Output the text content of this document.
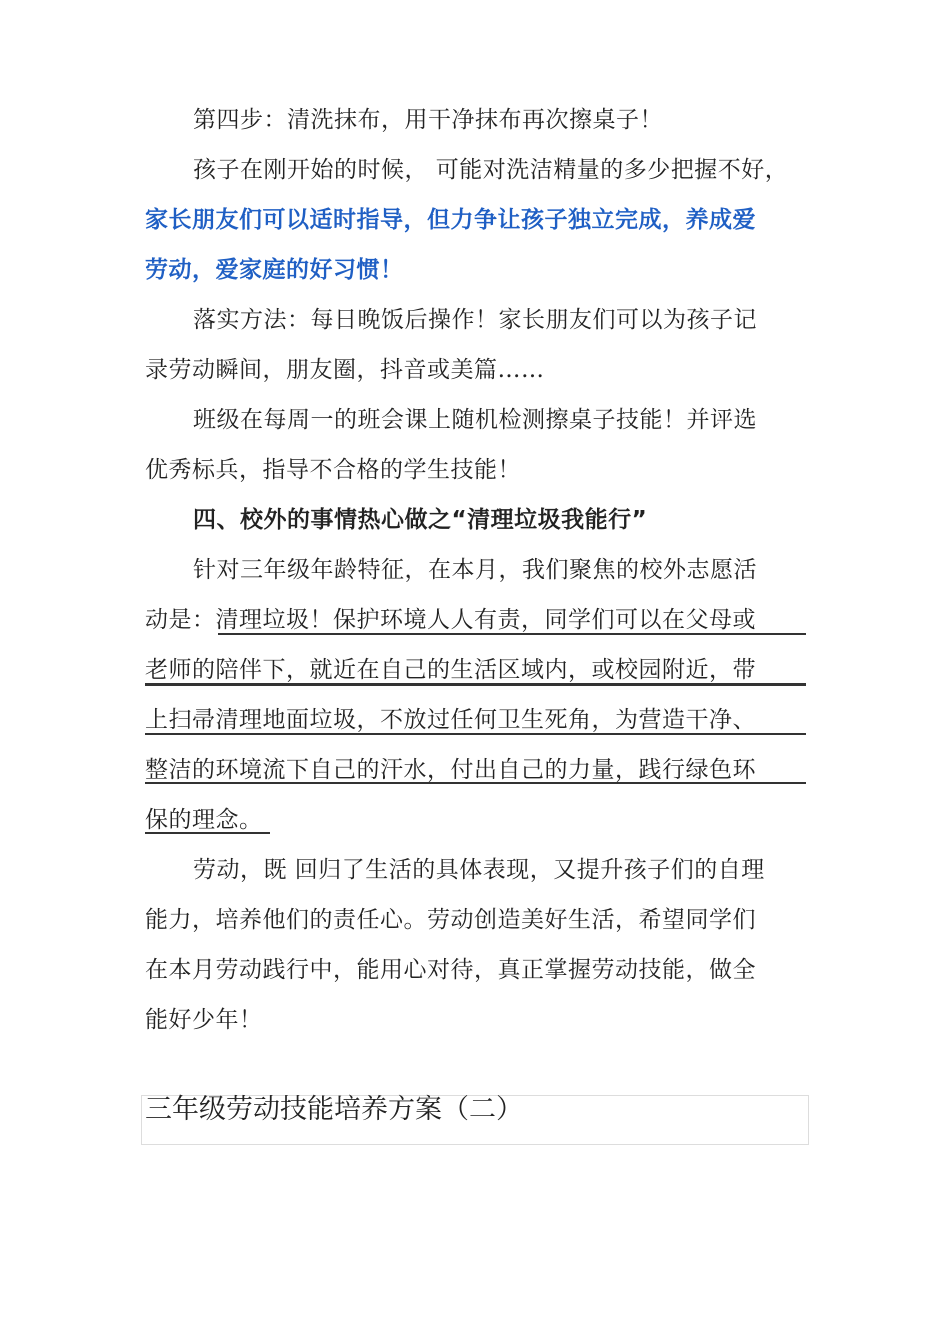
第四步：清洗抹布，用干净抹布再次擦桌子！
孩子在刚开始的时候， 可能对洗洁精量的多少把握不好，
家长朋友们可以适时指导，但力争让孩子独立完成，养成爱
劳动，爱家庭的好习惯！
落实方法：每日晚饭后操作！家长朋友们可以为孩子记
录劳动瞬间，朋友圈，抖音或美篇……
班级在每周一的班会课上随机检测擦桌子技能！并评选
优秀标兵，指导不合格的学生技能！
四、校外的事情热心做之“清理垃圾我能行”
针对三年级年龄特征，在本月，我们聚焦的校外志愿活
动是：清理垃圾！保护环境人人有责，同学们可以在父母或
老师的陪伴下，就近在自己的生活区域内，或校园附近，带
上扫帚清理地面垃圾，不放过任何卫生死角，为营造干净、
整洁的环境流下自己的汗水，付出自己的力量，践行绿色环
保的理念。
劳动，既 回归了生活的具体表现，又提升孩子们的自理
能力，培养他们的责任心。劳动创造美好生活，希望同学们
在本月劳动践行中，能用心对待，真正掌握劳动技能，做全
能好少年！
三年级劳动技能培养方案（二）
